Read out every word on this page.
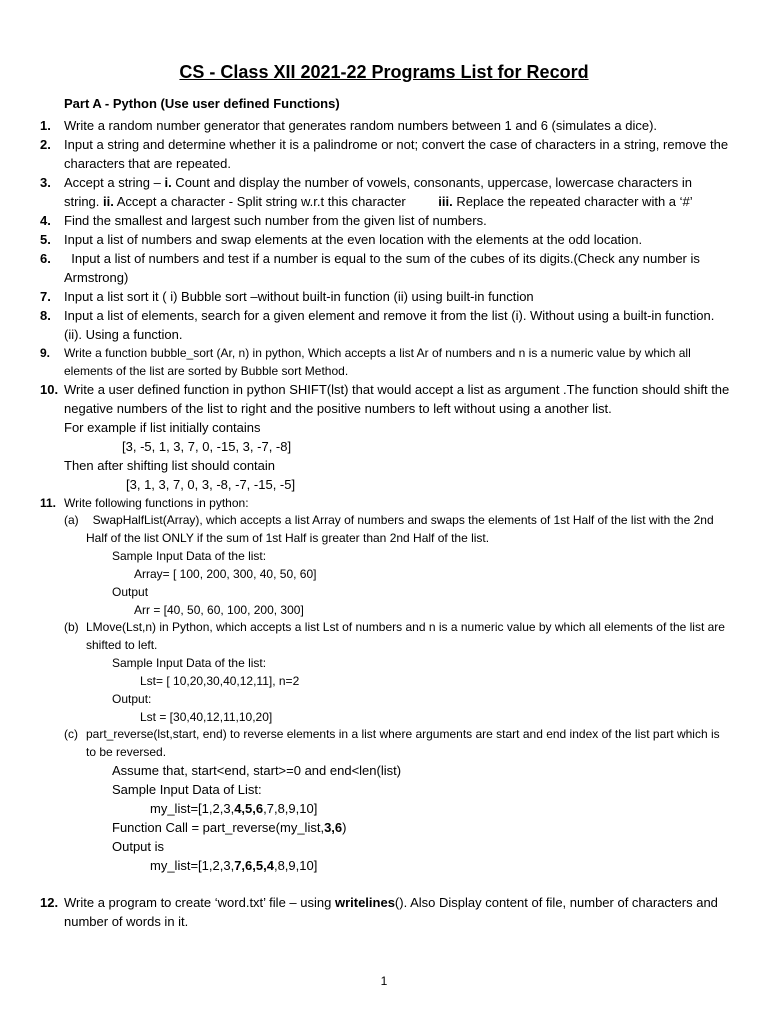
CS - Class XII 2021-22 Programs List for Record
Part A - Python (Use user defined Functions)
1. Write a random number generator that generates random numbers between 1 and 6 (simulates a dice).
2. Input a string and determine whether it is a palindrome or not; convert the case of characters in a string, remove the characters that are repeated.
3. Accept a string – i. Count and display the number of vowels, consonants, uppercase, lowercase characters in string. ii. Accept a character - Split string w.r.t this character         iii. Replace the repeated character with a ‘#’
4. Find the smallest and largest such number from the given list of numbers.
5. Input a list of numbers and swap elements at the even location with the elements at the odd location.
6. Input a list of numbers and test if a number is equal to the sum of the cubes of its digits.(Check any number is Armstrong)
7. Input a list sort it ( i) Bubble sort –without built-in function (ii) using built-in function
8. Input a list of elements, search for a given element and remove it from the list (i). Without using a built-in function. (ii). Using a function.
9. Write a function bubble_sort (Ar, n) in python, Which accepts a list Ar of numbers and n is a numeric value by which all elements of the list are sorted by Bubble sort Method.
10. Write a user defined function in python SHIFT(lst) that would accept a list as argument .The function should shift the negative numbers of the list to right and the positive numbers to left without using a another list.
For example if list initially contains
[3, -5, 1, 3, 7, 0, -15, 3, -7, -8]
Then after shifting list should contain
[3, 1, 3, 7, 0, 3, -8, -7, -15, -5]
11. Write following functions in python:
(a) SwapHalfList(Array), which accepts a list Array of numbers and swaps the elements of 1st Half of the list with the 2nd Half of the list ONLY if the sum of 1st Half is greater than 2nd Half of the list.
Sample Input Data of the list:
Array= [ 100, 200, 300, 40, 50, 60]
Output
Arr = [40, 50, 60, 100, 200, 300]
(b) LMove(Lst,n) in Python, which accepts a list Lst of numbers and n is a numeric value by which all elements of the list are shifted to left.
Sample Input Data of the list:
Lst= [ 10,20,30,40,12,11], n=2
Output:
Lst = [30,40,12,11,10,20]
(c) part_reverse(lst,start, end) to reverse elements in a list where arguments are start and end index of the list part which is to be reversed.
Assume that, start<end, start>=0 and end<len(list)
Sample Input Data of List:
my_list=[1,2,3,4,5,6,7,8,9,10]
Function Call = part_reverse(my_list,3,6)
Output is
my_list=[1,2,3,7,6,5,4,8,9,10]
12. Write a program to create ‘word.txt’ file – using writelines(). Also Display content of file, number of characters and number of words in it.
1
